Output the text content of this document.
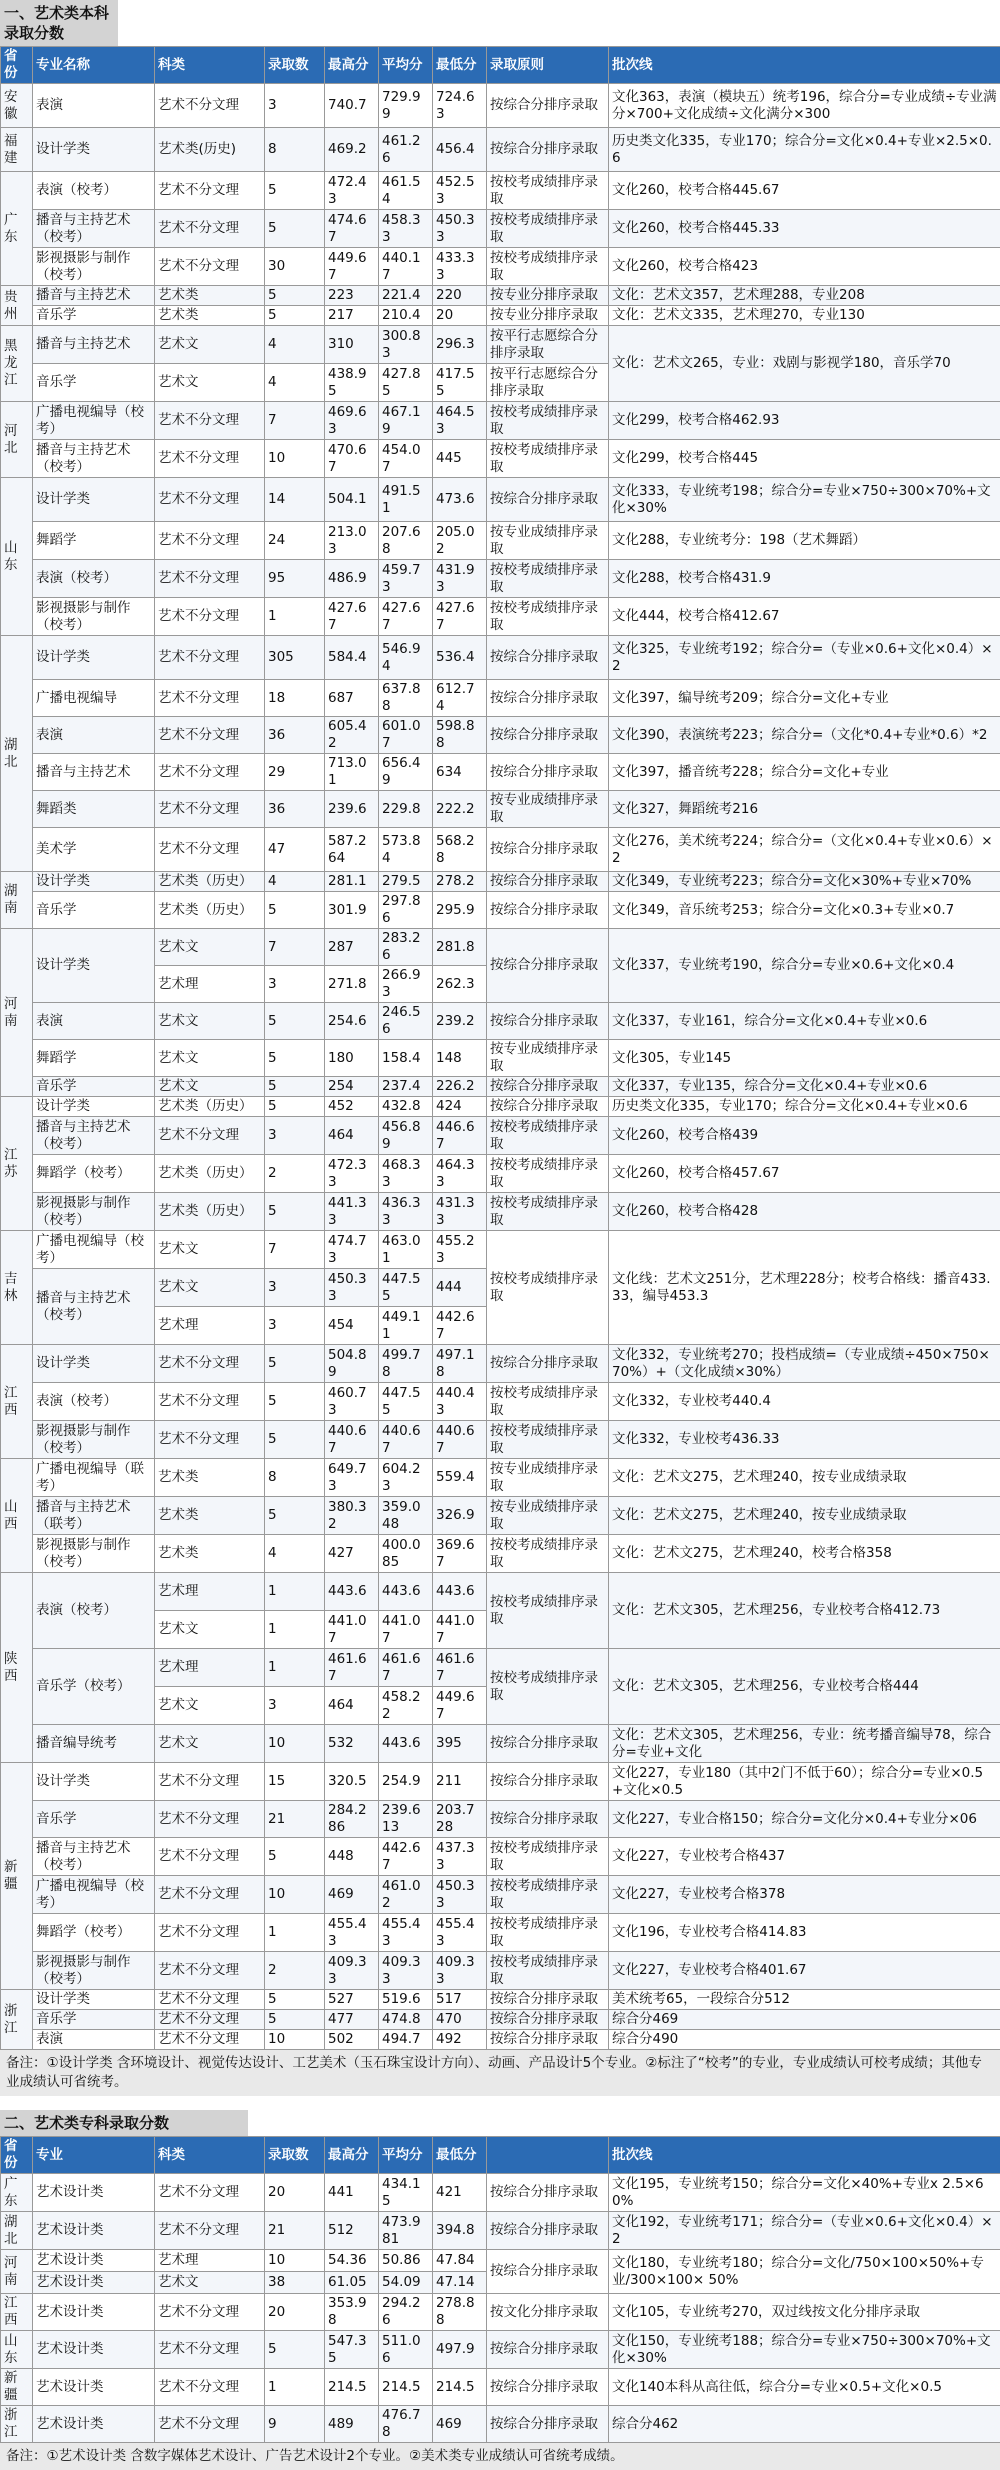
一、艺术类本科录取分数
省份	专业名称	科类	录取数	最高分	平均分	最低分	录取原则	批次线
安徽	表演	艺术不分文理	3	740.7	729.99	724.63	按综合分排序录取	文化363，表演（模块五）统考196，综合分=专业成绩÷专业满分×700+文化成绩÷文化满分×300
福建	设计学类	艺术类(历史)	8	469.2	461.26	456.4	按综合分排序录取	历史类文化335，专业170；综合分=文化×0.4+专业×2.5×0.6
广东	表演（校考）	艺术不分文理	5	472.43	461.54	452.53	按校考成绩排序录取	文化260，校考合格445.67
	播音与主持艺术（校考）	艺术不分文理	5	474.67	458.33	450.33	按校考成绩排序录取	文化260，校考合格445.33
	影视摄影与制作（校考）	艺术不分文理	30	449.67	440.17	433.33	按校考成绩排序录取	文化260，校考合格423
贵州	播音与主持艺术	艺术类	5	223	221.4	220	按专业分排序录取	文化：艺术文357，艺术理288，专业208
	音乐学	艺术类	5	217	210.4	20	按专业分排序录取	文化：艺术文335，艺术理270，专业130
黑龙江	播音与主持艺术	艺术文	4	310	300.83	296.3	按平行志愿综合分排序录取	文化：艺术文265，专业：戏剧与影视学180，音乐学70
	音乐学	艺术文	4	438.95	427.85	417.55	按平行志愿综合分排序录取	
河北	广播电视编导（校考）	艺术不分文理	7	469.63	467.19	464.53	按校考成绩排序录取	文化299，校考合格462.93
	播音与主持艺术（校考）	艺术不分文理	10	470.67	454.07	445	按校考成绩排序录取	文化299，校考合格445
山东	设计学类	艺术不分文理	14	504.1	491.51	473.6	按综合分排序录取	文化333，专业统考198；综合分=专业×750÷300×70%+文化×30%
	舞蹈学	艺术不分文理	24	213.03	207.68	205.02	按专业成绩排序录取	文化288，专业统考分：198（艺术舞蹈）
	表演（校考）	艺术不分文理	95	486.9	459.73	431.93	按校考成绩排序录取	文化288，校考合格431.9
	影视摄影与制作（校考）	艺术不分文理	1	427.67	427.67	427.67	按校考成绩排序录取	文化444，校考合格412.67
湖北	设计学类	艺术不分文理	305	584.4	546.94	536.4	按综合分排序录取	文化325，专业统考192；综合分=（专业×0.6+文化×0.4）×2
	广播电视编导	艺术不分文理	18	687	637.88	612.74	按综合分排序录取	文化397，编导统考209；综合分=文化+专业
	表演	艺术不分文理	36	605.42	601.07	598.88	按综合分排序录取	文化390，表演统考223；综合分=（文化*0.4+专业*0.6）*2
	播音与主持艺术	艺术不分文理	29	713.01	656.49	634	按综合分排序录取	文化397，播音统考228；综合分=文化+专业
	舞蹈类	艺术不分文理	36	239.6	229.8	222.2	按专业成绩排序录取	文化327，舞蹈统考216
	美术学	艺术不分文理	47	587.264	573.84	568.28	按综合分排序录取	文化276，美术统考224；综合分=（文化×0.4+专业×0.6）×2
湖南	设计学类	艺术类（历史）	4	281.1	279.5	278.2	按综合分排序录取	文化349，专业统考223；综合分=文化×30%+专业×70%
	音乐学	艺术类（历史）	5	301.9	297.86	295.9	按综合分排序录取	文化349，音乐统考253；综合分=文化×0.3+专业×0.7
河南	设计学类	艺术文	7	287	283.26	281.8	按综合分排序录取	文化337，专业统考190，综合分=专业×0.6+文化×0.4
		艺术理	3	271.8	266.93	262.3		
	表演	艺术文	5	254.6	246.56	239.2	按综合分排序录取	文化337，专业161，综合分=文化×0.4+专业×0.6
	舞蹈学	艺术文	5	180	158.4	148	按专业成绩排序录取	文化305，专业145
	音乐学	艺术文	5	254	237.4	226.2	按综合分排序录取	文化337，专业135，综合分=文化×0.4+专业×0.6
江苏	设计学类	艺术类（历史）	5	452	432.8	424	按综合分排序录取	历史类文化335，专业170；综合分=文化×0.4+专业×0.6
	播音与主持艺术（校考）	艺术不分文理	3	464	456.89	446.67	按校考成绩排序录取	文化260，校考合格439
	舞蹈学（校考）	艺术类（历史）	2	472.33	468.33	464.33	按校考成绩排序录取	文化260，校考合格457.67
	影视摄影与制作（校考）	艺术类（历史）	5	441.33	436.33	431.33	按校考成绩排序录取	文化260，校考合格428
吉林	广播电视编导（校考）	艺术文	7	474.73	463.01	455.23	按校考成绩排序录取	文化线：艺术文251分，艺术理228分；校考合格线：播音433.33，编导453.3
	播音与主持艺术（校考）	艺术文	3	450.33	447.55	444		
		艺术理	3	454	449.11	442.67		
江西	设计学类	艺术不分文理	5	504.89	499.78	497.18	按综合分排序录取	文化332，专业统考270；投档成绩=（专业成绩÷450×750×70%）+（文化成绩×30%）
	表演（校考）	艺术不分文理	5	460.73	447.55	440.43	按校考成绩排序录取	文化332，专业校考440.4
	影视摄影与制作（校考）	艺术不分文理	5	440.67	440.67	440.67	按校考成绩排序录取	文化332，专业校考436.33
山西	广播电视编导（联考）	艺术类	8	649.73	604.23	559.4	按专业成绩排序录取	文化：艺术文275，艺术理240，按专业成绩录取
	播音与主持艺术（联考）	艺术类	5	380.32	359.048	326.9	按专业成绩排序录取	文化：艺术文275，艺术理240，按专业成绩录取
	影视摄影与制作（校考）	艺术类	4	427	400.085	369.67	按校考成绩排序录取	文化：艺术文275，艺术理240，校考合格358
陕西	表演（校考）	艺术理	1	443.6	443.6	443.6	按校考成绩排序录取	文化：艺术文305，艺术理256，专业校考合格412.73
		艺术文	1	441.07	441.07	441.07		
	音乐学（校考）	艺术理	1	461.67	461.67	461.67	按校考成绩排序录取	文化：艺术文305，艺术理256，专业校考合格444
		艺术文	3	464	458.22	449.67		
	播音编导统考	艺术文	10	532	443.6	395	按综合分排序录取	文化：艺术文305，艺术理256，专业：统考播音编导78，综合分=专业+文化
新疆	设计学类	艺术不分文理	15	320.5	254.9	211	按综合分排序录取	文化227，专业180（其中2门不低于60）；综合分=专业×0.5+文化×0.5
	音乐学	艺术不分文理	21	284.286	239.613	203.728	按综合分排序录取	文化227，专业合格150；综合分=文化分×0.4+专业分×06
	播音与主持艺术（校考）	艺术不分文理	5	448	442.67	437.33	按校考成绩排序录取	文化227，专业校考合格437
	广播电视编导（校考）	艺术不分文理	10	469	461.02	450.33	按校考成绩排序录取	文化227，专业校考合格378
	舞蹈学（校考）	艺术不分文理	1	455.43	455.43	455.43	按校考成绩排序录取	文化196，专业校考合格414.83
	影视摄影与制作（校考）	艺术不分文理	2	409.33	409.33	409.33	按校考成绩排序录取	文化227，专业校考合格401.67
浙江	设计学类	艺术不分文理	5	527	519.6	517	按综合分排序录取	美术统考65，一段综合分512
	音乐学	艺术不分文理	5	477	474.8	470	按综合分排序录取	综合分469
	表演	艺术不分文理	10	502	494.7	492	按综合分排序录取	综合分490
备注：①设计学类 含环境设计、视觉传达设计、工艺美术（玉石珠宝设计方向）、动画、产品设计5个专业。②标注了“校考”的专业，专业成绩认可校考成绩；其他专业成绩认可省统考。
二、艺术类专科录取分数
省份	专业	科类	录取数	最高分	平均分	最低分		批次线
广东	艺术设计类	艺术不分文理	20	441	434.15	421	按综合分排序录取	文化195，专业统考150；综合分=文化×40%+专业x 2.5×60%
湖北	艺术设计类	艺术不分文理	21	512	473.981	394.8	按综合分排序录取	文化192，专业统考171；综合分=（专业×0.6+文化×0.4）×2
河南	艺术设计类	艺术理	10	54.36	50.86	47.84	按综合分排序录取	文化180，专业统考180；综合分=文化/750×100×50%+专业/300×100× 50%
	艺术设计类	艺术文	38	61.05	54.09	47.14		
江西	艺术设计类	艺术不分文理	20	353.98	294.26	278.88	按文化分排序录取	文化105，专业统考270，双过线按文化分排序录取
山东	艺术设计类	艺术不分文理	5	547.35	511.06	497.9	按综合分排序录取	文化150，专业统考188；综合分=专业×750÷300×70%+文化×30%
新疆	艺术设计类	艺术不分文理	1	214.5	214.5	214.5	按综合分排序录取	文化140本科从高往低，综合分=专业×0.5+文化×0.5
浙江	艺术设计类	艺术不分文理	9	489	476.78	469	按综合分排序录取	综合分462
备注：①艺术设计类 含数字媒体艺术设计、广告艺术设计2个专业。②美术类专业成绩认可省统考成绩。
